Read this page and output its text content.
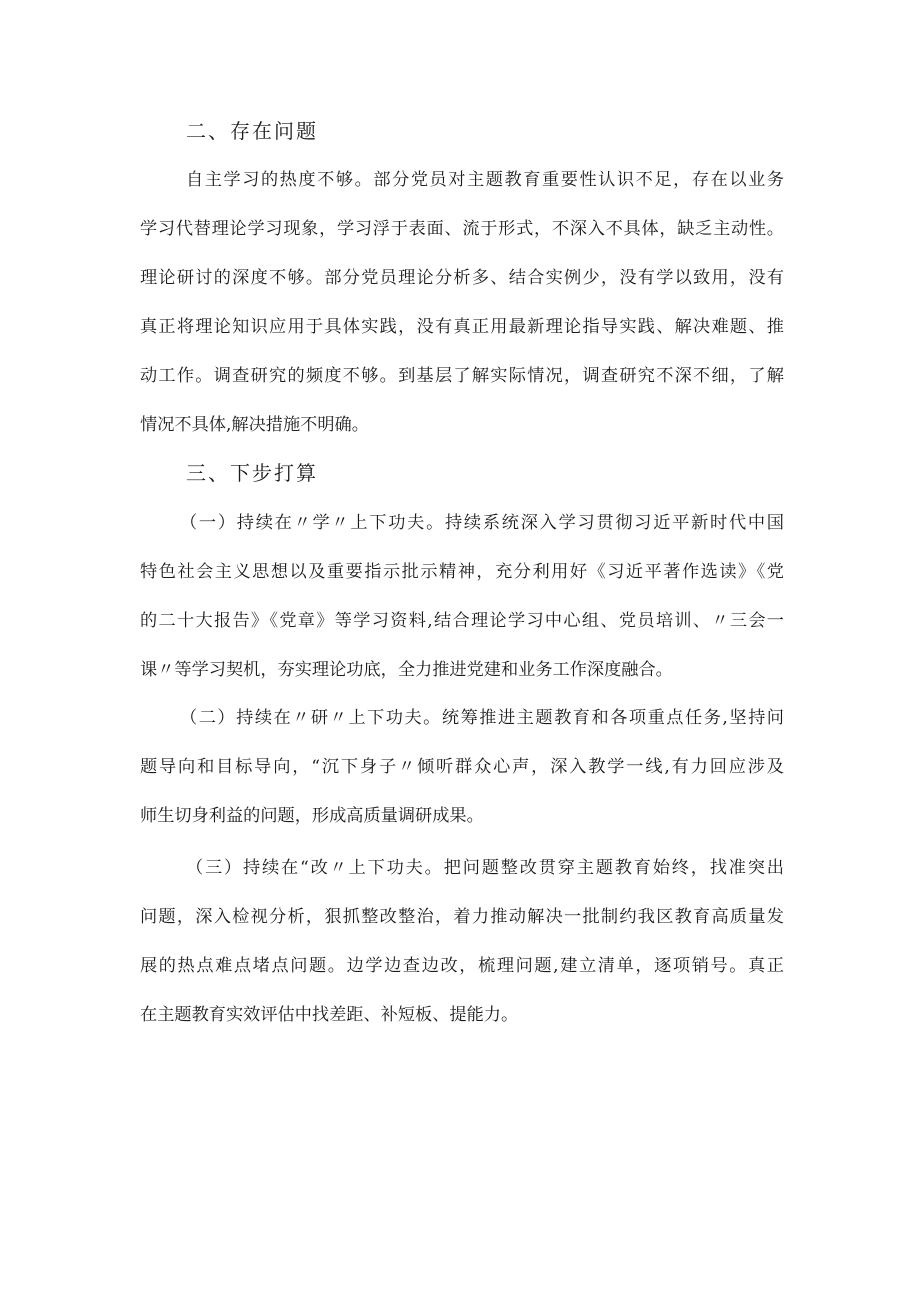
二、存在问题
自主学习的热度不够。部分党员对主题教育重要性认识不足，存在以业务
学习代替理论学习现象，学习浮于表面、流于形式，不深入不具体，缺乏主动性。
理论研讨的深度不够。部分党员理论分析多、结合实例少，没有学以致用，没有
真正将理论知识应用于具体实践，没有真正用最新理论指导实践、解决难题、推
动工作。调查研究的频度不够。到基层了解实际情况，调查研究不深不细，了解
情况不具体,解决措施不明确。
三、下步打算
（一）持续在〃学〃上下功夫。持续系统深入学习贯彻习近平新时代中国
特色社会主义思想以及重要指示批示精神，充分利用好《习近平著作选读》《党
的二十大报告》《党章》等学习资料,结合理论学习中心组、党员培训、〃三会一
课〃等学习契机，夯实理论功底，全力推进党建和业务工作深度融合。
（二）持续在〃研〃上下功夫。统筹推进主题教育和各项重点任务,坚持问
题导向和目标导向，“沉下身子〃倾听群众心声，深入教学一线,有力回应涉及
师生切身利益的问题，形成高质量调研成果。
（三）持续在“改〃上下功夫。把问题整改贯穿主题教育始终，找准突出
问题，深入检视分析，狠抓整改整治，着力推动解决一批制约我区教育高质量发
展的热点难点堵点问题。边学边查边改，梳理问题,建立清单，逐项销号。真正
在主题教育实效评估中找差距、补短板、提能力。
